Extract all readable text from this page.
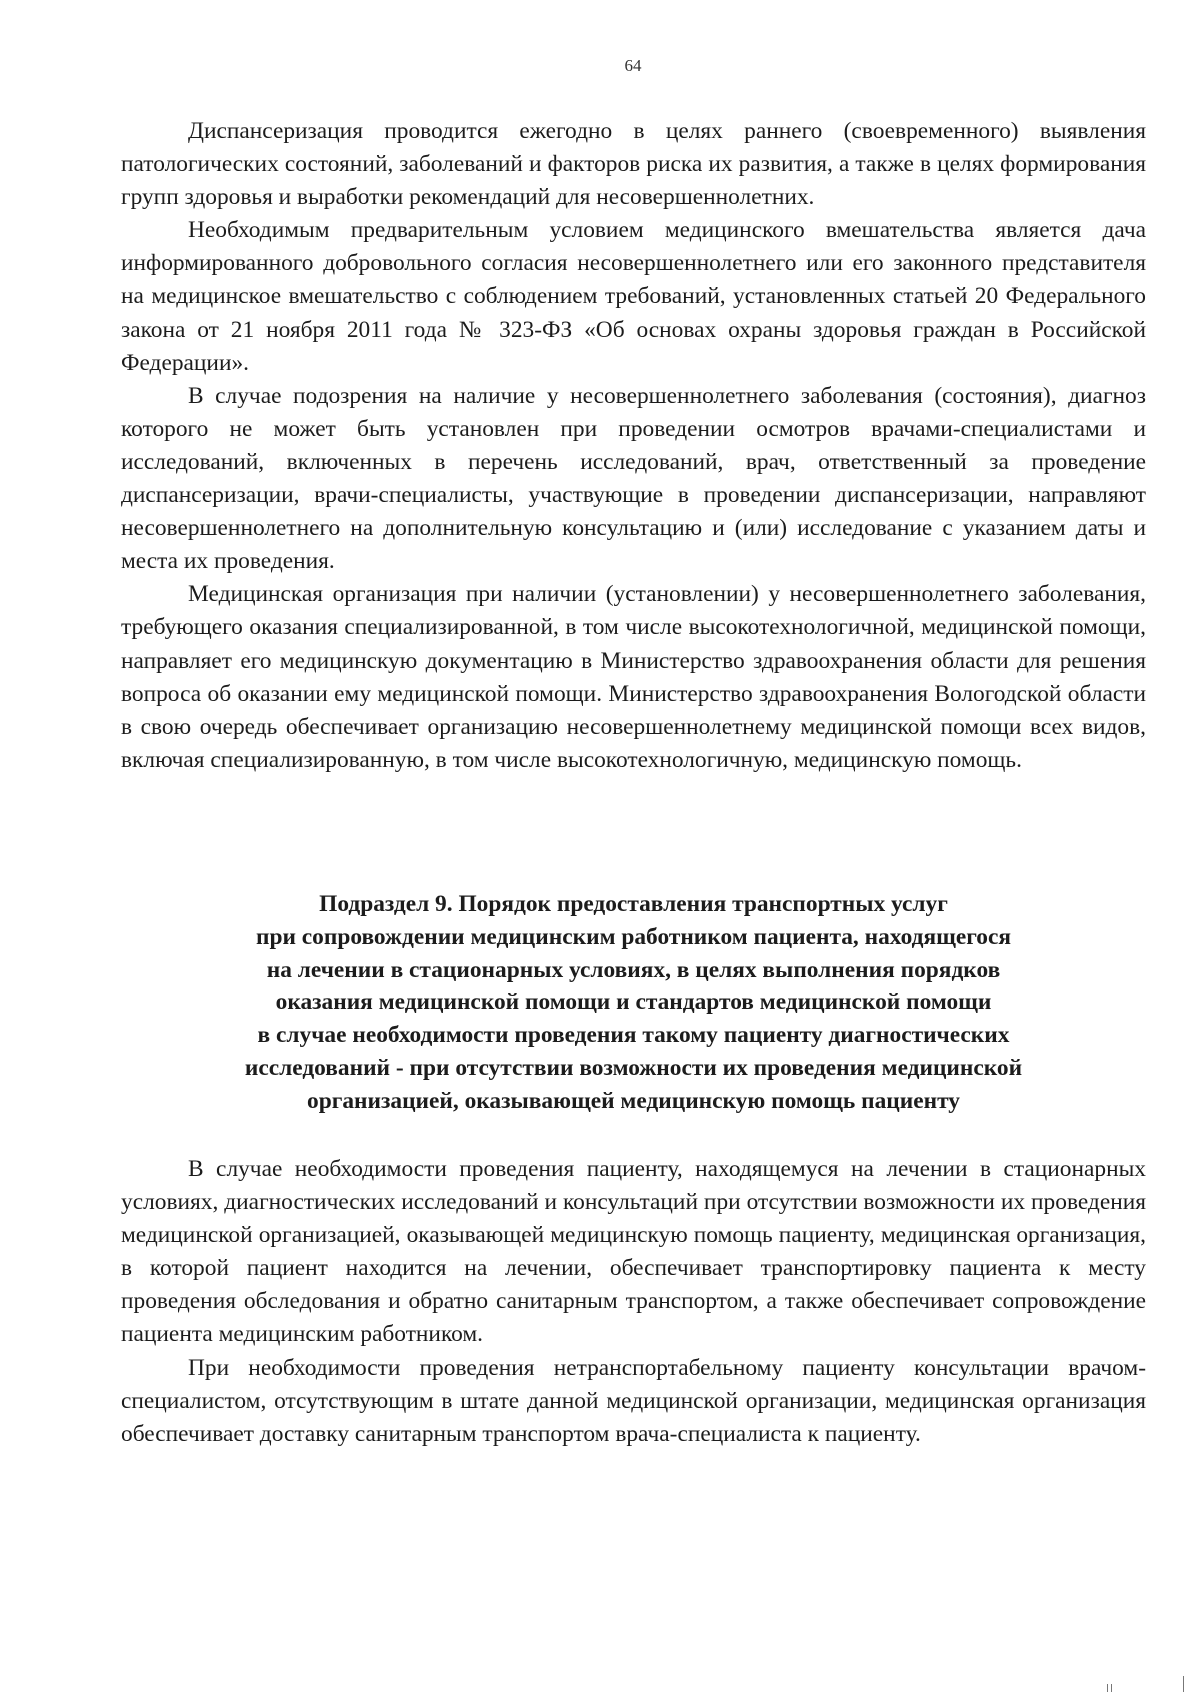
64

Диспансеризация проводится ежегодно в целях раннего (своевременного) выявления патологических состояний, заболеваний и факторов риска их развития, а также в целях формирования групп здоровья и выработки рекомендаций для несовершеннолетних.

Необходимым предварительным условием медицинского вмешательства является дача информированного добровольного согласия несовершеннолетнего или его законного представителя на медицинское вмешательство с соблюдением требований, установленных статьей 20 Федерального закона от 21 ноября 2011 года № 323-ФЗ «Об основах охраны здоровья граждан в Российской Федерации».

В случае подозрения на наличие у несовершеннолетнего заболевания (состояния), диагноз которого не может быть установлен при проведении осмотров врачами-специалистами и исследований, включенных в перечень исследований, врач, ответственный за проведение диспансеризации, врачи-специалисты, участвующие в проведении диспансеризации, направляют несовершеннолетнего на дополнительную консультацию и (или) исследование с указанием даты и места их проведения.

Медицинская организация при наличии (установлении) у несовершеннолетнего заболевания, требующего оказания специализированной, в том числе высокотехнологичной, медицинской помощи, направляет его медицинскую документацию в Министерство здравоохранения области для решения вопроса об оказании ему медицинской помощи. Министерство здравоохранения Вологодской области в свою очередь обеспечивает организацию несовершеннолетнему медицинской помощи всех видов, включая специализированную, в том числе высокотехнологичную, медицинскую помощь.

Подраздел 9. Порядок предоставления транспортных услуг
при сопровождении медицинским работником пациента, находящегося
на лечении в стационарных условиях, в целях выполнения порядков
оказания медицинской помощи и стандартов медицинской помощи
в случае необходимости проведения такому пациенту диагностических
исследований - при отсутствии возможности их проведения медицинской
организацией, оказывающей медицинскую помощь пациенту

В случае необходимости проведения пациенту, находящемуся на лечении в стационарных условиях, диагностических исследований и консультаций при отсутствии возможности их проведения медицинской организацией, оказывающей медицинскую помощь пациенту, медицинская организация, в которой пациент находится на лечении, обеспечивает транспортировку пациента к месту проведения обследования и обратно санитарным транспортом, а также обеспечивает сопровождение пациента медицинским работником.

При необходимости проведения нетранспортабельному пациенту консультации врачом-специалистом, отсутствующим в штате данной медицинской организации, медицинская организация обеспечивает доставку санитарным транспортом врача-специалиста к пациенту.
